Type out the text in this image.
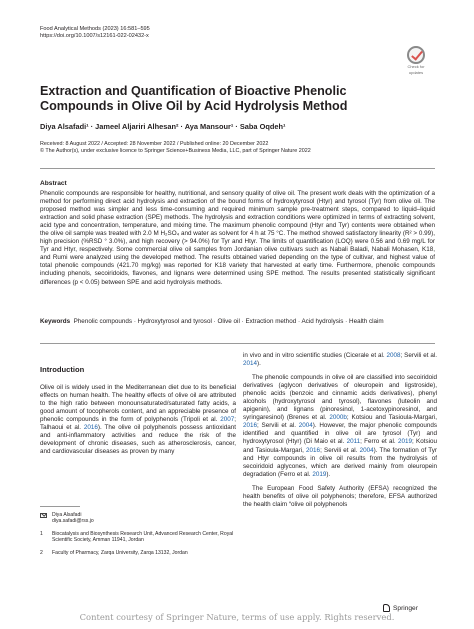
Food Analytical Methods (2023) 16:581–595
https://doi.org/10.1007/s12161-022-02432-x
Check for
updates
Extraction and Quantification of Bioactive Phenolic Compounds in Olive Oil by Acid Hydrolysis Method
Diya Alsafadi¹ · Jameel Aljariri Alhesan² · Aya Mansour¹ · Saba Oqdeh¹
Received: 8 August 2022 / Accepted: 28 November 2022 / Published online: 20 December 2022
© The Author(s), under exclusive licence to Springer Science+Business Media, LLC, part of Springer Nature 2022
Abstract
Phenolic compounds are responsible for healthy, nutritional, and sensory quality of olive oil. The present work deals with the optimization of a method for performing direct acid hydrolysis and extraction of the bound forms of hydroxytyrosol (Htyr) and tyrosol (Tyr) from olive oil. The proposed method was simpler and less time-consuming and required minimum sample pre-treatment steps, compared to liquid–liquid extraction and solid phase extraction (SPE) methods. The hydrolysis and extraction conditions were optimized in terms of extracting solvent, acid type and concentration, temperature, and mixing time. The maximum phenolic compound (Htyr and Tyr) contents were obtained when the olive oil sample was treated with 2.0 M H₂SO₄ and water as solvent for 4 h at 75 °C. The method showed satisfactory linearity (R² > 0.99), high precision (%RSD ° 3.0%), and high recovery (> 94.0%) for Tyr and Htyr. The limits of quantification (LOQ) were 0.56 and 0.69 mg/L for Tyr and Htyr, respectively. Some commercial olive oil samples from Jordanian olive cultivars such as Nabali Baladi, Nabali Mohasen, K18, and Rumi were analyzed using the developed method. The results obtained varied depending on the type of cultivar, and highest value of total phenolic compounds (421.70 mg/kg) was reported for K18 variety that harvested at early time. Furthermore, phenolic compounds including phenols, secoiridoids, flavones, and lignans were determined using SPE method. The results presented statistically significant differences (p < 0.05) between SPE and acid hydrolysis methods.
Keywords Phenolic compounds · Hydroxytyrosol and tyrosol · Olive oil · Extraction method · Acid hydrolysis · Health claim
Introduction

Olive oil is widely used in the Mediterranean diet due to its beneficial effects on human health. The healthy effects of olive oil are attributed to the high ratio between monounsaturated/saturated fatty acids, a good amount of tocopherols content, and an appreciable presence of phenolic compounds in the form of polyphenols (Tripoli et al. 2007; Talhaoui et al. 2016). The olive oil polyphenols possess antioxidant and anti-inflammatory activities and reduce the risk of the development of chronic diseases, such as atherosclerosis, cancer, and cardiovascular diseases as proven by many

in vivo and in vitro scientific studies (Cicerale et al. 2008; Servili et al. 2014).

The phenolic compounds in olive oil are classified into secoiridoid derivatives (aglycon derivatives of oleuropein and ligstroside), phenolic acids (benzoic and cinnamic acids derivatives), phenyl alcohols (hydroxytyrosol and tyrosol), flavones (luteolin and apigenin), and lignans (pinoresinol, 1-acetoxypinoresinol, and syringaresinol) (Brenes et al. 2000b; Kotsiou and Tasioula-Margari, 2016; Servili et al. 2004). However, the major phenolic compounds identified and quantified in olive oil are tyrosol (Tyr) and hydroxytyrosol (Htyr) (Di Maio et al. 2011; Ferro et al. 2019; Kotsiou and Tasioula-Margari, 2016; Servili et al. 2004). The formation of Tyr and Htyr compounds in olive oil results from the hydrolysis of secoiridoid aglycones, which are derived mainly from oleuropein degradation (Ferro et al. 2019).

The European Food Safety Authority (EFSA) recognized the health benefits of olive oil polyphenols; therefore, EFSA authorized the health claim “olive oil polyphenols

Diya Alsafadi
diya.safadi@rss.jo
1	Biocatalysis and Biosynthesis Research Unit, Advanced Research Center, Royal Scientific Society, Amman 11941, Jordan
2	Faculty of Pharmacy, Zarqa University, Zarqa 13132, Jordan
Springer
Content courtesy of Springer Nature, terms of use apply. Rights reserved.
